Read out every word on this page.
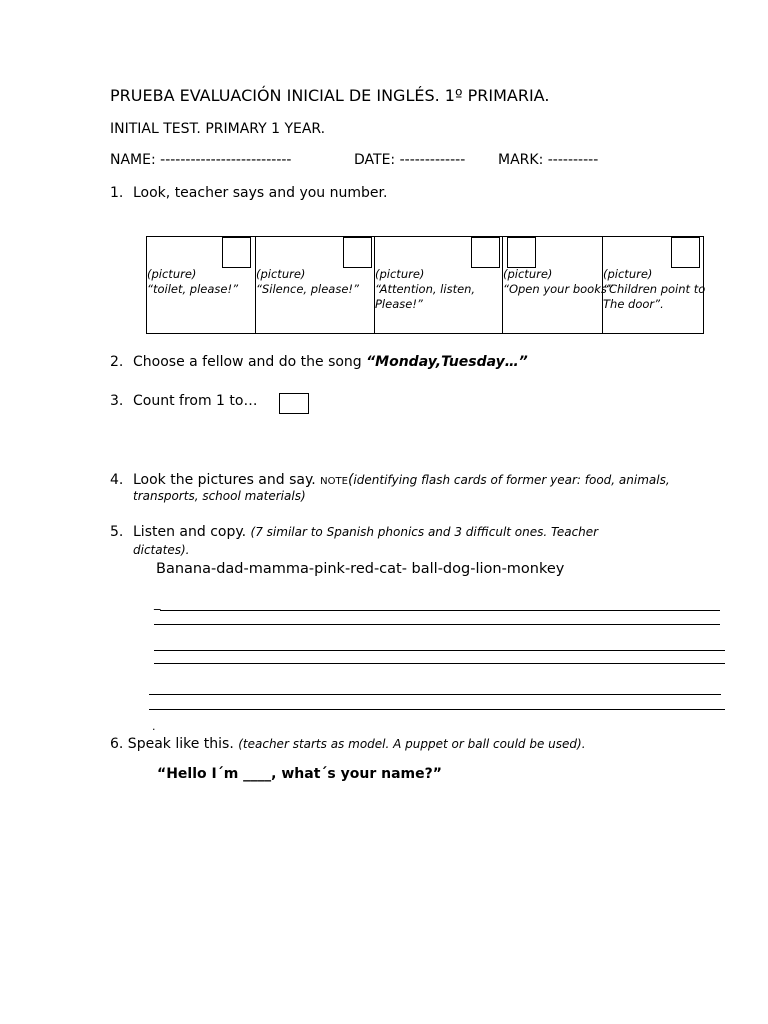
PRUEBA EVALUACIÓN INICIAL DE INGLÉS. 1º PRIMARIA.
INITIAL TEST. PRIMARY 1 YEAR.
NAME: --------------------------	DATE: ------------- MARK: ----------
1. Look, teacher says and you number.
(picture)
“toilet, please!”
(picture)
“Silence, please!”
(picture)
“Attention, listen,
Please!”
(picture)
“Open your books”
(picture)
“Children point to
The door”.
2. Choose a fellow and do the song “Monday,Tuesday…”
3. Count from 1 to…
4. Look the pictures and say. NOTE(identifying flash cards of former year: food, animals,
transports, school materials)
5. Listen and copy. (7 similar to Spanish phonics and 3 difficult ones. Teacher
dictates).
Banana-dad-mamma-pink-red-cat- ball-dog-lion-monkey
_
.
6. Speak like this. (teacher starts as model. A puppet or ball could be used).
“Hello I´m ____, what´s your name?”
